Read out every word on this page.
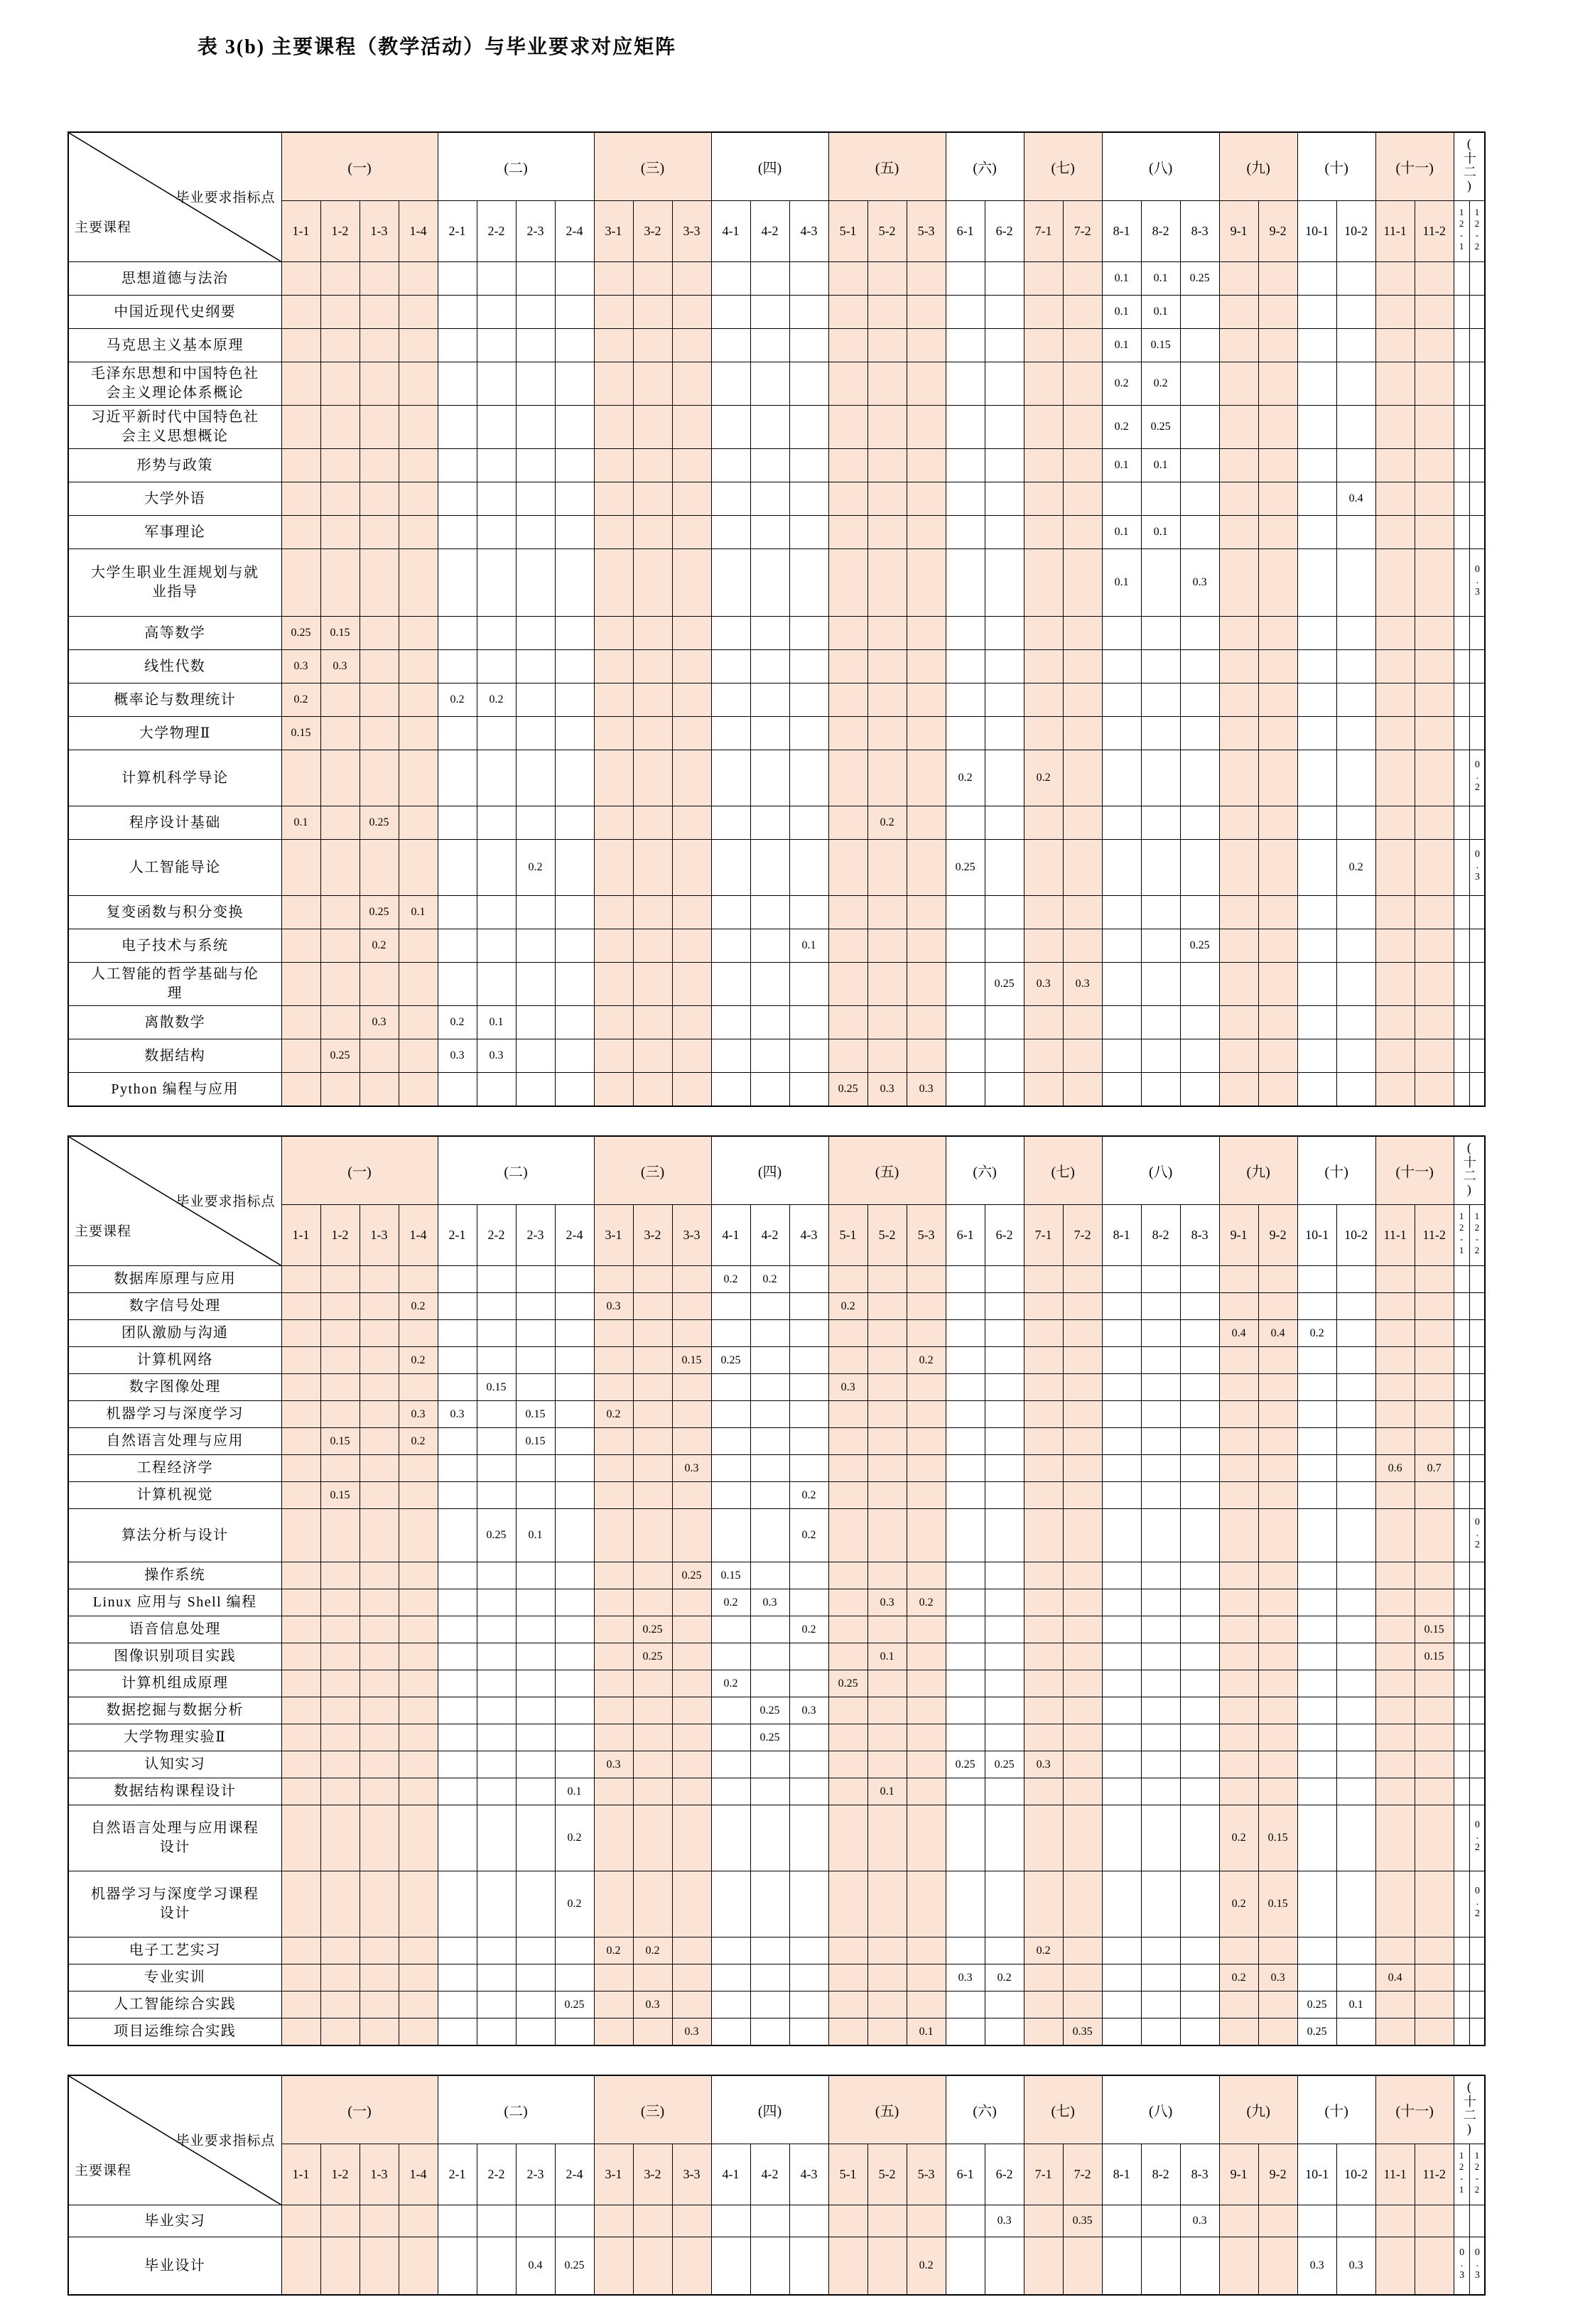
表 3(b) 主要课程（教学活动）与毕业要求对应矩阵
毕业要求指标点
主要课程	(一)				(二)				(三)			(四)			(五)			(六)		(七)		(八)			(九)		(十)		(十一)		(十二)	
	1-1	1-2	1-3	1-4	2-1	2-2	2-3	2-4	3-1	3-2	3-3	4-1	4-2	4-3	5-1	5-2	5-3	6-1	6-2	7-1	7-2	8-1	8-2	8-3	9-1	9-2	10-1	10-2	11-1	11-2	12-1	12-2
思想道德与法治																						0.1	0.1	0.25								
中国近现代史纲要																						0.1	0.1									
马克思主义基本原理																						0.1	0.15									
毛泽东思想和中国特色社会主义理论体系概论																						0.2	0.2									
习近平新时代中国特色社会主义思想概论																						0.2	0.25									
形势与政策																						0.1	0.1									
大学外语																												0.4				
军事理论																						0.1	0.1									
大学生职业生涯规划与就业指导																						0.1		0.3								0.3
高等数学	0.25	0.15																														
线性代数	0.3	0.3																														
概率论与数理统计	0.2				0.2	0.2																										
大学物理Ⅱ	0.15																															
计算机科学导论																		0.2		0.2												0.2
程序设计基础	0.1		0.25													0.2																
人工智能导论							0.2											0.25										0.2				0.3
复变函数与积分变换			0.25	0.1																												
电子技术与系统			0.2											0.1										0.25								
人工智能的哲学基础与伦理																			0.25	0.3	0.3											
离散数学			0.3		0.2	0.1																										
数据结构		0.25			0.3	0.3																										
Python 编程与应用															0.25	0.3	0.3															
毕业要求指标点
主要课程	(一)				(二)				(三)			(四)			(五)			(六)		(七)		(八)			(九)		(十)		(十一)		(十二)	
	1-1	1-2	1-3	1-4	2-1	2-2	2-3	2-4	3-1	3-2	3-3	4-1	4-2	4-3	5-1	5-2	5-3	6-1	6-2	7-1	7-2	8-1	8-2	8-3	9-1	9-2	10-1	10-2	11-1	11-2	12-1	12-2
数据库原理与应用												0.2	0.2																			
数字信号处理				0.2					0.3						0.2																	
团队激励与沟通																									0.4	0.4	0.2					
计算机网络				0.2							0.15	0.25					0.2															
数字图像处理						0.15									0.3																	
机器学习与深度学习				0.3	0.3		0.15		0.2																							
自然语言处理与应用		0.15		0.2			0.15																									
工程经济学											0.3																		0.6	0.7		
计算机视觉		0.15												0.2																		
算法分析与设计						0.25	0.1							0.2																		0.2
操作系统											0.25	0.15																				
Linux 应用与 Shell 编程												0.2	0.3			0.3	0.2															
语音信息处理										0.25				0.2																0.15		
图像识别项目实践										0.25						0.1														0.15		
计算机组成原理												0.2			0.25																	
数据挖掘与数据分析													0.25	0.3																		
大学物理实验Ⅱ													0.25																			
认知实习									0.3									0.25	0.25	0.3												
数据结构课程设计								0.1								0.1																
自然语言处理与应用课程设计								0.2																	0.2	0.15						0.2
机器学习与深度学习课程设计								0.2																	0.2	0.15						0.2
电子工艺实习									0.2	0.2										0.2												
专业实训																		0.3	0.2						0.2	0.3			0.4			
人工智能综合实践								0.25		0.3																	0.25	0.1				
项目运维综合实践											0.3						0.1				0.35						0.25					
毕业要求指标点
主要课程	(一)				(二)				(三)			(四)			(五)			(六)		(七)		(八)			(九)		(十)		(十一)		(十二)	
	1-1	1-2	1-3	1-4	2-1	2-2	2-3	2-4	3-1	3-2	3-3	4-1	4-2	4-3	5-1	5-2	5-3	6-1	6-2	7-1	7-2	8-1	8-2	8-3	9-1	9-2	10-1	10-2	11-1	11-2	12-1	12-2
毕业实习																			0.3		0.35			0.3								
毕业设计							0.4	0.25									0.2										0.3	0.3			0.3	0.3
